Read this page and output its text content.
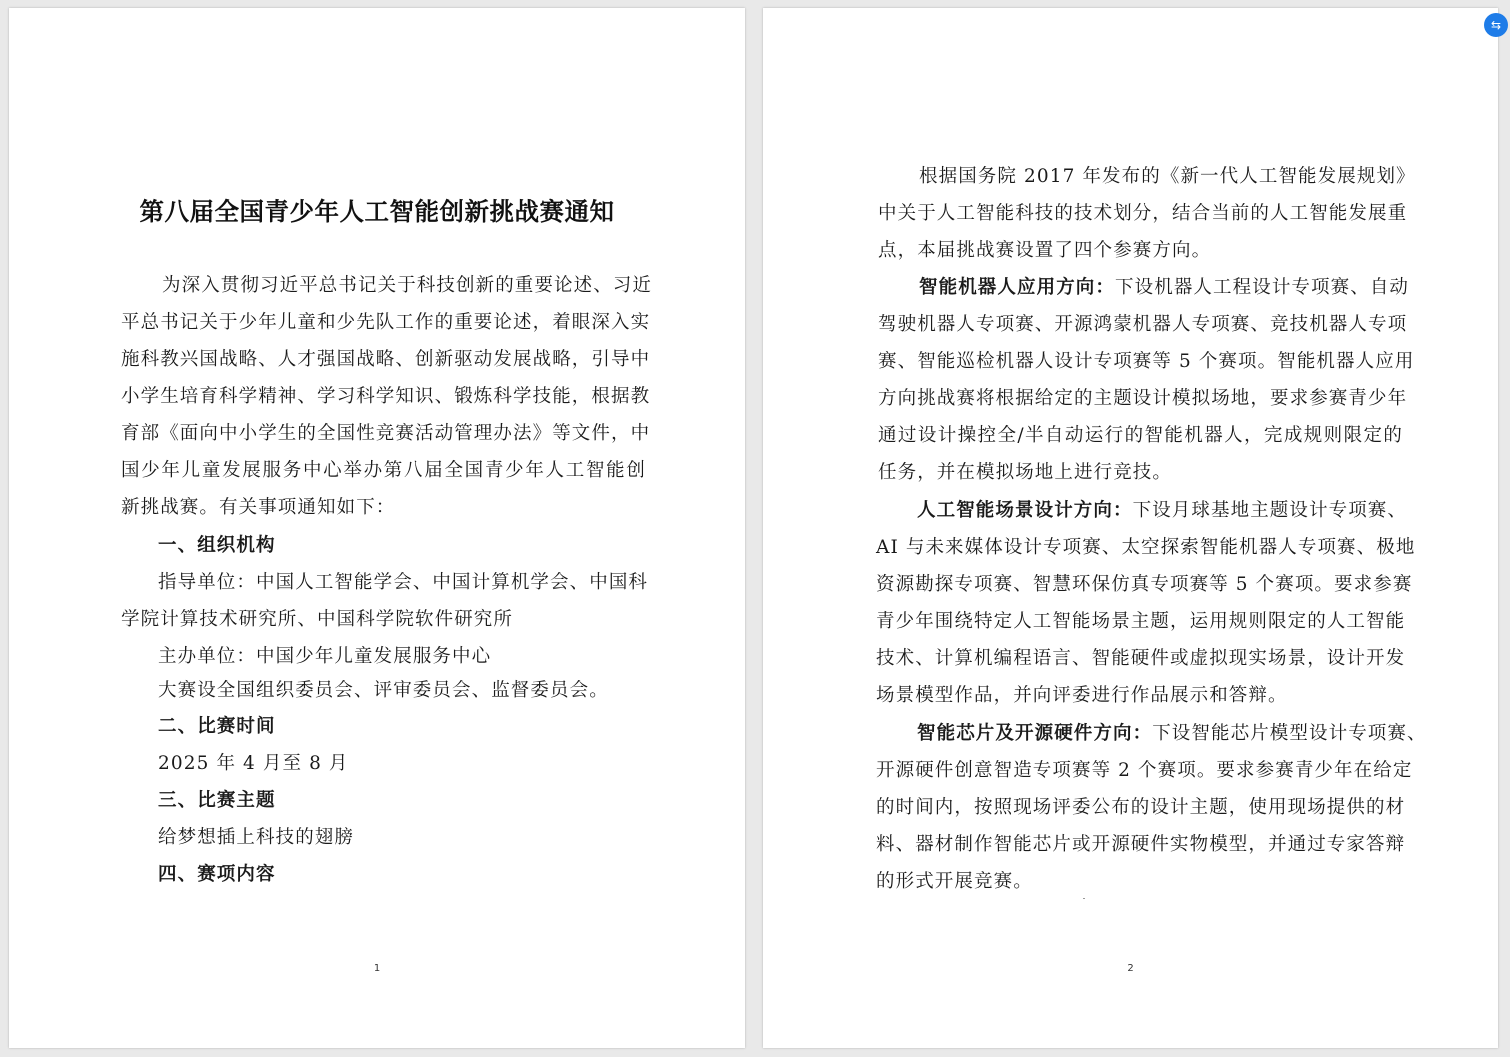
第八届全国青少年人工智能创新挑战赛通知
为深入贯彻习近平总书记关于科技创新的重要论述、习近
平总书记关于少年儿童和少先队工作的重要论述，着眼深入实
施科教兴国战略、人才强国战略、创新驱动发展战略，引导中
小学生培育科学精神、学习科学知识、锻炼科学技能，根据教
育部《面向中小学生的全国性竞赛活动管理办法》等文件，中
国少年儿童发展服务中心举办第八届全国青少年人工智能创
新挑战赛。有关事项通知如下：
一、组织机构
指导单位：中国人工智能学会、中国计算机学会、中国科
学院计算技术研究所、中国科学院软件研究所
主办单位：中国少年儿童发展服务中心
大赛设全国组织委员会、评审委员会、监督委员会。
二、比赛时间
2025 年 4 月至 8 月
三、比赛主题
给梦想插上科技的翅膀
四、赛项内容
1
⇆
根据国务院 2017 年发布的《新一代人工智能发展规划》
中关于人工智能科技的技术划分，结合当前的人工智能发展重
点，本届挑战赛设置了四个参赛方向。
智能机器人应用方向：下设机器人工程设计专项赛、自动
驾驶机器人专项赛、开源鸿蒙机器人专项赛、竞技机器人专项
赛、智能巡检机器人设计专项赛等 5 个赛项。智能机器人应用
方向挑战赛将根据给定的主题设计模拟场地，要求参赛青少年
通过设计操控全/半自动运行的智能机器人，完成规则限定的
任务，并在模拟场地上进行竞技。
人工智能场景设计方向：下设月球基地主题设计专项赛、
AI 与未来媒体设计专项赛、太空探索智能机器人专项赛、极地
资源勘探专项赛、智慧环保仿真专项赛等 5 个赛项。要求参赛
青少年围绕特定人工智能场景主题，运用规则限定的人工智能
技术、计算机编程语言、智能硬件或虚拟现实场景，设计开发
场景模型作品，并向评委进行作品展示和答辩。
智能芯片及开源硬件方向：下设智能芯片模型设计专项赛、
开源硬件创意智造专项赛等 2 个赛项。要求参赛青少年在给定
的时间内，按照现场评委公布的设计主题，使用现场提供的材
料、器材制作智能芯片或开源硬件实物模型，并通过专家答辩
的形式开展竞赛。
2
